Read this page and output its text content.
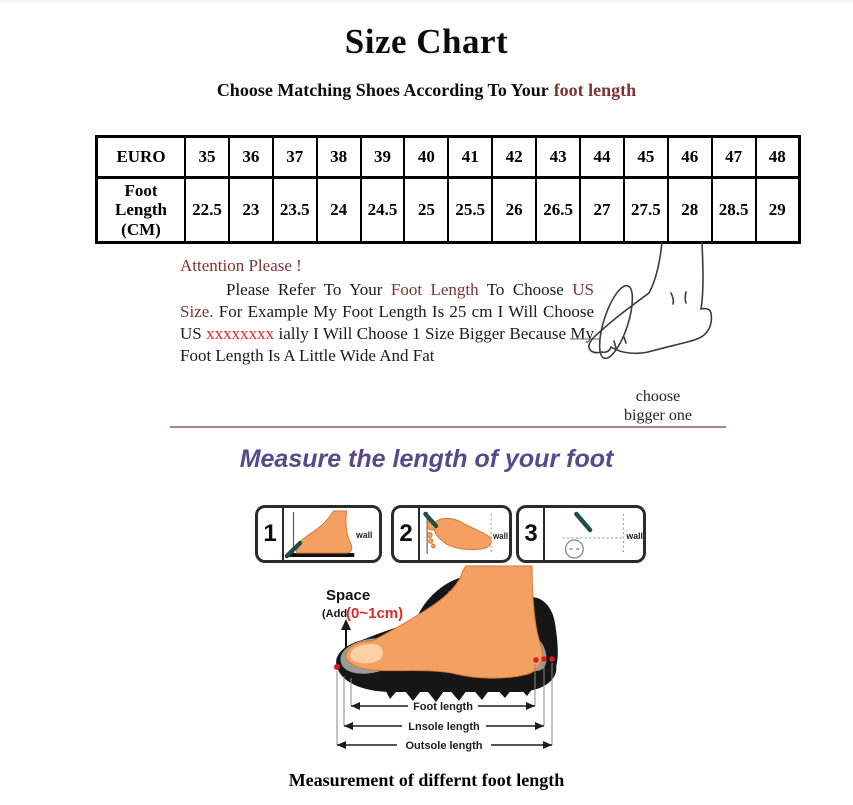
Size Chart
Choose Matching Shoes According To Your foot length
EURO	35	36	37	38	39	40	41	42	43	44	45	46	47	48
Foot Length (CM)	22.5	23	23.5	24	24.5	25	25.5	26	26.5	27	27.5	28	28.5	29

Attention Please !

Please Refer To Your Foot Length To Choose US Size. For Example My Foot Length Is 25 cm I Will Choose US xxxxxxxx ially I Will Choose 1 Size Bigger Because My Foot Length Is A Little Wide And Fat

choose
bigger one
Measure the length of your foot
1	wall 2	wall 3	wall
Space
(Add
(0~1cm)
Foot length
Lnsole length
Outsole length
Measurement of differnt foot length
